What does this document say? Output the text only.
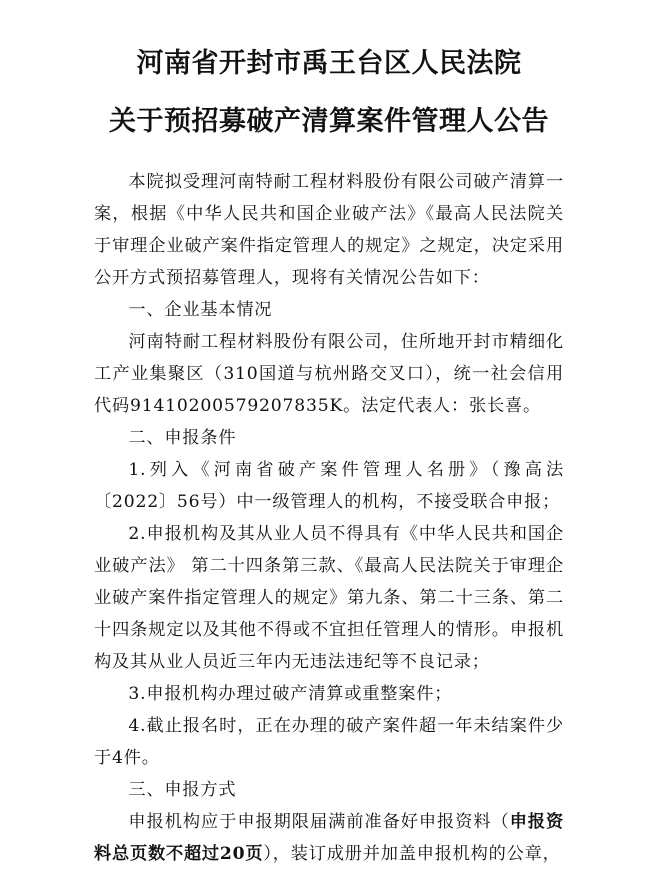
河南省开封市禹王台区人民法院
关于预招募破产清算案件管理人公告

本院拟受理河南特耐工程材料股份有限公司破产清算一案，根据《中华人民共和国企业破产法》《最高人民法院关于审理企业破产案件指定管理人的规定》之规定，决定采用公开方式预招募管理人，现将有关情况公告如下：

一、企业基本情况

河南特耐工程材料股份有限公司，住所地开封市精细化工产业集聚区（310国道与杭州路交叉口），统一社会信用代码91410200579207835K。法定代表人：张长喜。

二、申报条件

1.列入《河南省破产案件管理人名册》（豫高法〔2022〕56号）中一级管理人的机构，不接受联合申报；

2.申报机构及其从业人员不得具有《中华人民共和国企业破产法》 第二十四条第三款、《最高人民法院关于审理企业破产案件指定管理人的规定》第九条、第二十三条、第二十四条规定以及其他不得或不宜担任管理人的情形。申报机构及其从业人员近三年内无违法违纪等不良记录；

3.申报机构办理过破产清算或重整案件；

4.截止报名时，正在办理的破产案件超一年未结案件少于4件。

三、申报方式

申报机构应于申报期限届满前准备好申报资料（申报资料总页数不超过20页），装订成册并加盖申报机构的公章，
